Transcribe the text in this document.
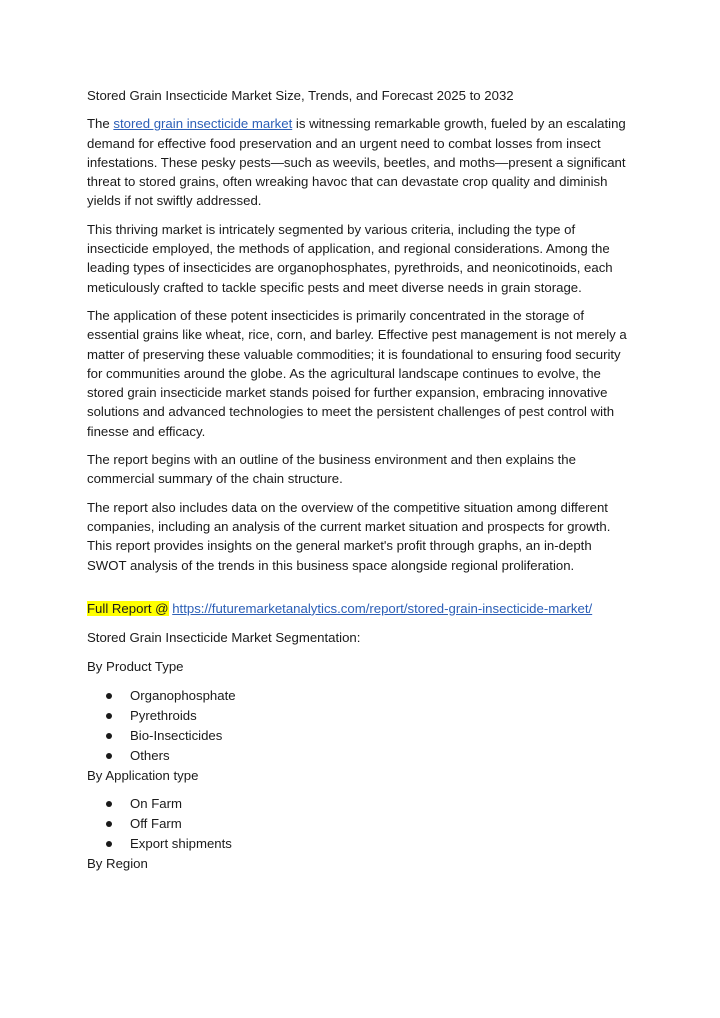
Stored Grain Insecticide Market Size, Trends, and Forecast 2025 to 2032

The stored grain insecticide market is witnessing remarkable growth, fueled by an escalating demand for effective food preservation and an urgent need to combat losses from insect infestations. These pesky pests—such as weevils, beetles, and moths—present a significant threat to stored grains, often wreaking havoc that can devastate crop quality and diminish yields if not swiftly addressed.

This thriving market is intricately segmented by various criteria, including the type of insecticide employed, the methods of application, and regional considerations. Among the leading types of insecticides are organophosphates, pyrethroids, and neonicotinoids, each meticulously crafted to tackle specific pests and meet diverse needs in grain storage.

The application of these potent insecticides is primarily concentrated in the storage of essential grains like wheat, rice, corn, and barley. Effective pest management is not merely a matter of preserving these valuable commodities; it is foundational to ensuring food security for communities around the globe. As the agricultural landscape continues to evolve, the stored grain insecticide market stands poised for further expansion, embracing innovative solutions and advanced technologies to meet the persistent challenges of pest control with finesse and efficacy.

The report begins with an outline of the business environment and then explains the commercial summary of the chain structure.

The report also includes data on the overview of the competitive situation among different companies, including an analysis of the current market situation and prospects for growth. This report provides insights on the general market's profit through graphs, an in-depth SWOT analysis of the trends in this business space alongside regional proliferation.

Full Report @ https://futuremarketanalytics.com/report/stored-grain-insecticide-market/

Stored Grain Insecticide Market Segmentation:

By Product Type

Organophosphate
Pyrethroids
Bio-Insecticides
Others

By Application type

On Farm
Off Farm
Export shipments

By Region
